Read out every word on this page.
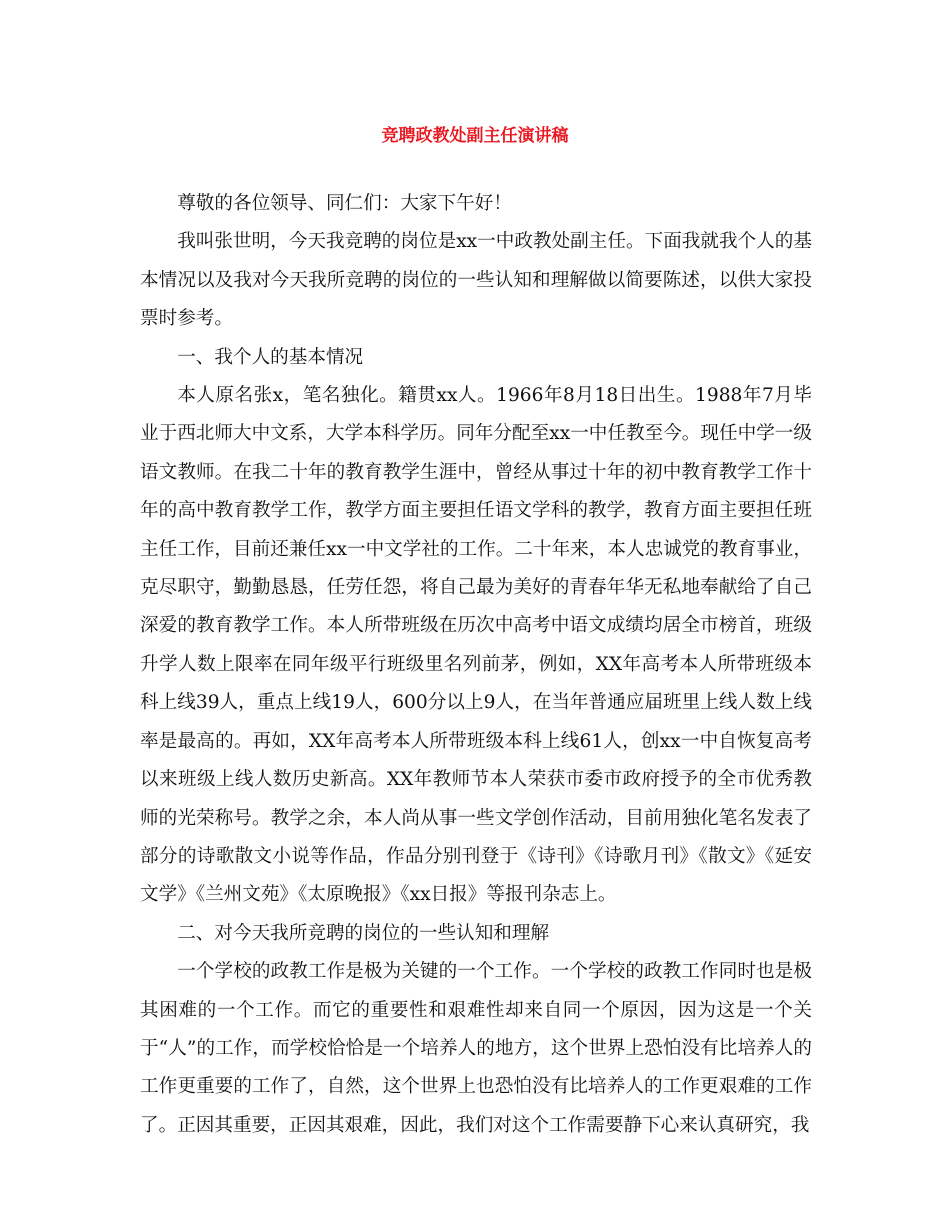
竞聘政教处副主任演讲稿

尊敬的各位领导、同仁们：大家下午好！

我叫张世明，今天我竞聘的岗位是xx一中政教处副主任。下面我就我个人的基本情况以及我对今天我所竞聘的岗位的一些认知和理解做以简要陈述，以供大家投票时参考。

一、我个人的基本情况

本人原名张x，笔名独化。籍贯xx人。1966年8月18日出生。1988年7月毕业于西北师大中文系，大学本科学历。同年分配至xx一中任教至今。现任中学一级语文教师。在我二十年的教育教学生涯中，曾经从事过十年的初中教育教学工作十年的高中教育教学工作，教学方面主要担任语文学科的教学，教育方面主要担任班主任工作，目前还兼任xx一中文学社的工作。二十年来，本人忠诚党的教育事业，克尽职守，勤勤恳恳，任劳任怨，将自己最为美好的青春年华无私地奉献给了自己深爱的教育教学工作。本人所带班级在历次中高考中语文成绩均居全市榜首，班级升学人数上限率在同年级平行班级里名列前茅，例如，XX年高考本人所带班级本科上线39人，重点上线19人，600分以上9人，在当年普通应届班里上线人数上线率是最高的。再如，XX年高考本人所带班级本科上线61人，创xx一中自恢复高考以来班级上线人数历史新高。XX年教师节本人荣获市委市政府授予的全市优秀教师的光荣称号。教学之余，本人尚从事一些文学创作活动，目前用独化笔名发表了部分的诗歌散文小说等作品，作品分别刊登于《诗刊》《诗歌月刊》《散文》《延安文学》《兰州文苑》《太原晚报》《xx日报》等报刊杂志上。

二、对今天我所竞聘的岗位的一些认知和理解

一个学校的政教工作是极为关键的一个工作。一个学校的政教工作同时也是极其困难的一个工作。而它的重要性和艰难性却来自同一个原因，因为这是一个关于“人”的工作，而学校恰恰是一个培养人的地方，这个世界上恐怕没有比培养人的工作更重要的工作了，自然，这个世界上也恐怕没有比培养人的工作更艰难的工作了。正因其重要，正因其艰难，因此，我们对这个工作需要静下心来认真研究，我
